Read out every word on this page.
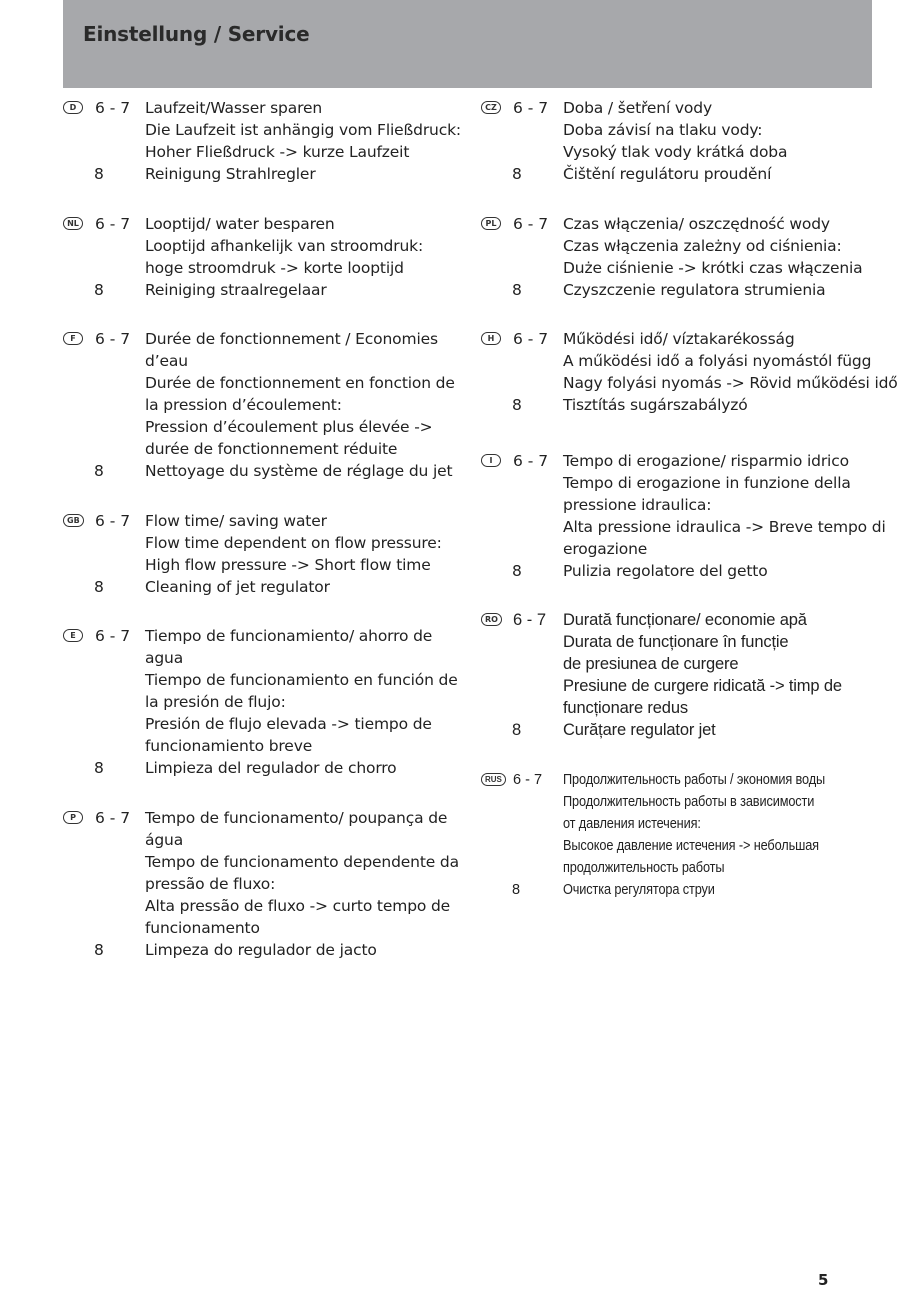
Einstellung / Service
D	6 - 7 Laufzeit/Wasser sparen
Die Laufzeit ist anhängig vom Fließdruck:
Hoher Fließdruck -> kurze Laufzeit
8	Reinigung Strahlregler
NL 6 - 7 Looptijd/ water besparen
Looptijd afhankelijk van stroomdruk:
hoge stroomdruk -> korte looptijd
8	Reiniging straalregelaar
F	6 - 7 Durée de fonctionnement / Economies
d’eau
Durée de fonctionnement en fonction de
la pression d’écoulement:
Pression d’écoulement plus élevée ->
durée de fonctionnement réduite
8	Nettoyage du système de réglage du jet
GB 6 - 7 Flow time/ saving water
Flow time dependent on flow pressure:
High flow pressure -> Short flow time
8	Cleaning of jet regulator
E	6 - 7 Tiempo de funcionamiento/ ahorro de
agua
Tiempo de funcionamiento en función de
la presión de flujo:
Presión de flujo elevada -> tiempo de
funcionamiento breve
8	Limpieza del regulador de chorro
P	6 - 7 Tempo de funcionamento/ poupança de
água
Tempo de funcionamento dependente da
pressão de fluxo:
Alta pressão de fluxo -> curto tempo de
funcionamento
8	Limpeza do regulador de jacto
CZ 6 - 7 Doba / šetření vody
Doba závisí na tlaku vody:
Vysoký tlak vody krátká doba
8	Čištění regulátoru proudění
PL 6 - 7 Czas włączenia/ oszczędność wody
Czas włączenia zależny od ciśnienia:
Duże ciśnienie -> krótki czas włączenia
8	Czyszczenie regulatora strumienia
H	6 - 7 Működési idő/ víztakarékosság
A működési idő a folyási nyomástól függ
Nagy folyási nyomás -> Rövid működési idő
8	Tisztítás sugárszabályzó
I	6 - 7 Tempo di erogazione/ risparmio idrico
Tempo di erogazione in funzione della
pressione idraulica:
Alta pressione idraulica -> Breve tempo di
erogazione
8	Pulizia regolatore del getto
RO 6 - 7 Durată funcționare/ economie apă
Durata de funcționare în funcție
de presiunea de curgere
Presiune de curgere ridicată -> timp de
funcționare redus
8	Curățare regulator jet
RUS 6 - 7 Продолжительность работы / экономия воды
Продолжительность работы в зависимости
от давления истечения:
Высокое давление истечения -> небольшая
продолжительность работы
8	Очистка регулятора струи
5
